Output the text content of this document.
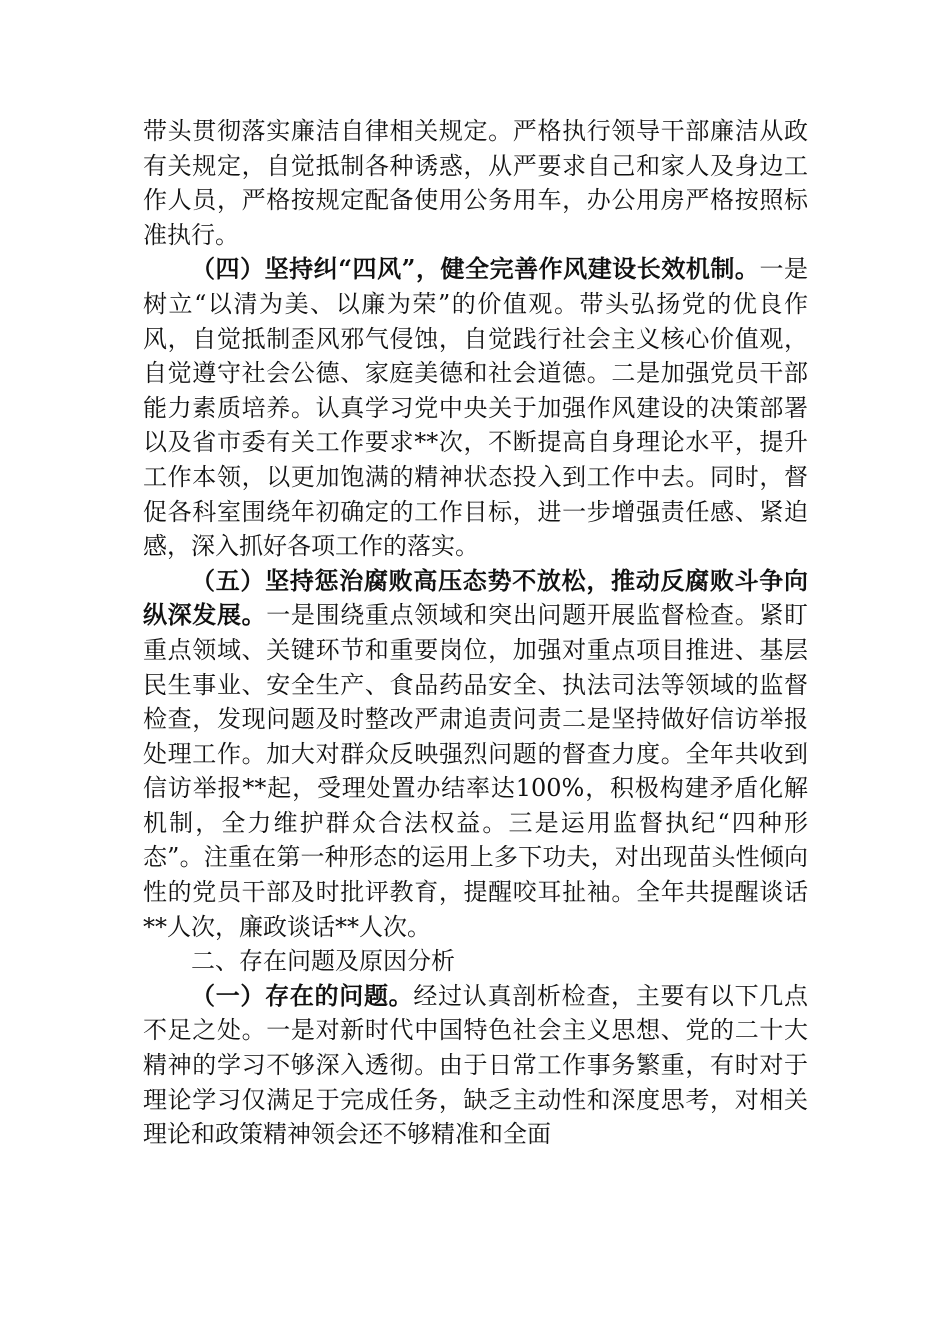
带头贯彻落实廉洁自律相关规定。严格执行领导干部廉洁从政有关规定，自觉抵制各种诱惑，从严要求自己和家人及身边工作人员，严格按规定配备使用公务用车，办公用房严格按照标准执行。

（四）坚持纠“四风”，健全完善作风建设长效机制。一是树立“以清为美、以廉为荣”的价值观。带头弘扬党的优良作风，自觉抵制歪风邪气侵蚀，自觉践行社会主义核心价值观，自觉遵守社会公德、家庭美德和社会道德。二是加强党员干部能力素质培养。认真学习党中央关于加强作风建设的决策部署以及省市委有关工作要求**次，不断提高自身理论水平，提升工作本领，以更加饱满的精神状态投入到工作中去。同时，督促各科室围绕年初确定的工作目标，进一步增强责任感、紧迫感，深入抓好各项工作的落实。

（五）坚持惩治腐败高压态势不放松，推动反腐败斗争向纵深发展。一是围绕重点领域和突出问题开展监督检查。紧盯重点领域、关键环节和重要岗位，加强对重点项目推进、基层民生事业、安全生产、食品药品安全、执法司法等领域的监督检查，发现问题及时整改严肃追责问责二是坚持做好信访举报处理工作。加大对群众反映强烈问题的督查力度。全年共收到信访举报**起，受理处置办结率达100%，积极构建矛盾化解机制，全力维护群众合法权益。三是运用监督执纪“四种形态”。注重在第一种形态的运用上多下功夫，对出现苗头性倾向性的党员干部及时批评教育，提醒咬耳扯袖。全年共提醒谈话**人次，廉政谈话**人次。

二、存在问题及原因分析

（一）存在的问题。经过认真剖析检查，主要有以下几点不足之处。一是对新时代中国特色社会主义思想、党的二十大精神的学习不够深入透彻。由于日常工作事务繁重，有时对于理论学习仅满足于完成任务，缺乏主动性和深度思考，对相关理论和政策精神领会还不够精准和全面
